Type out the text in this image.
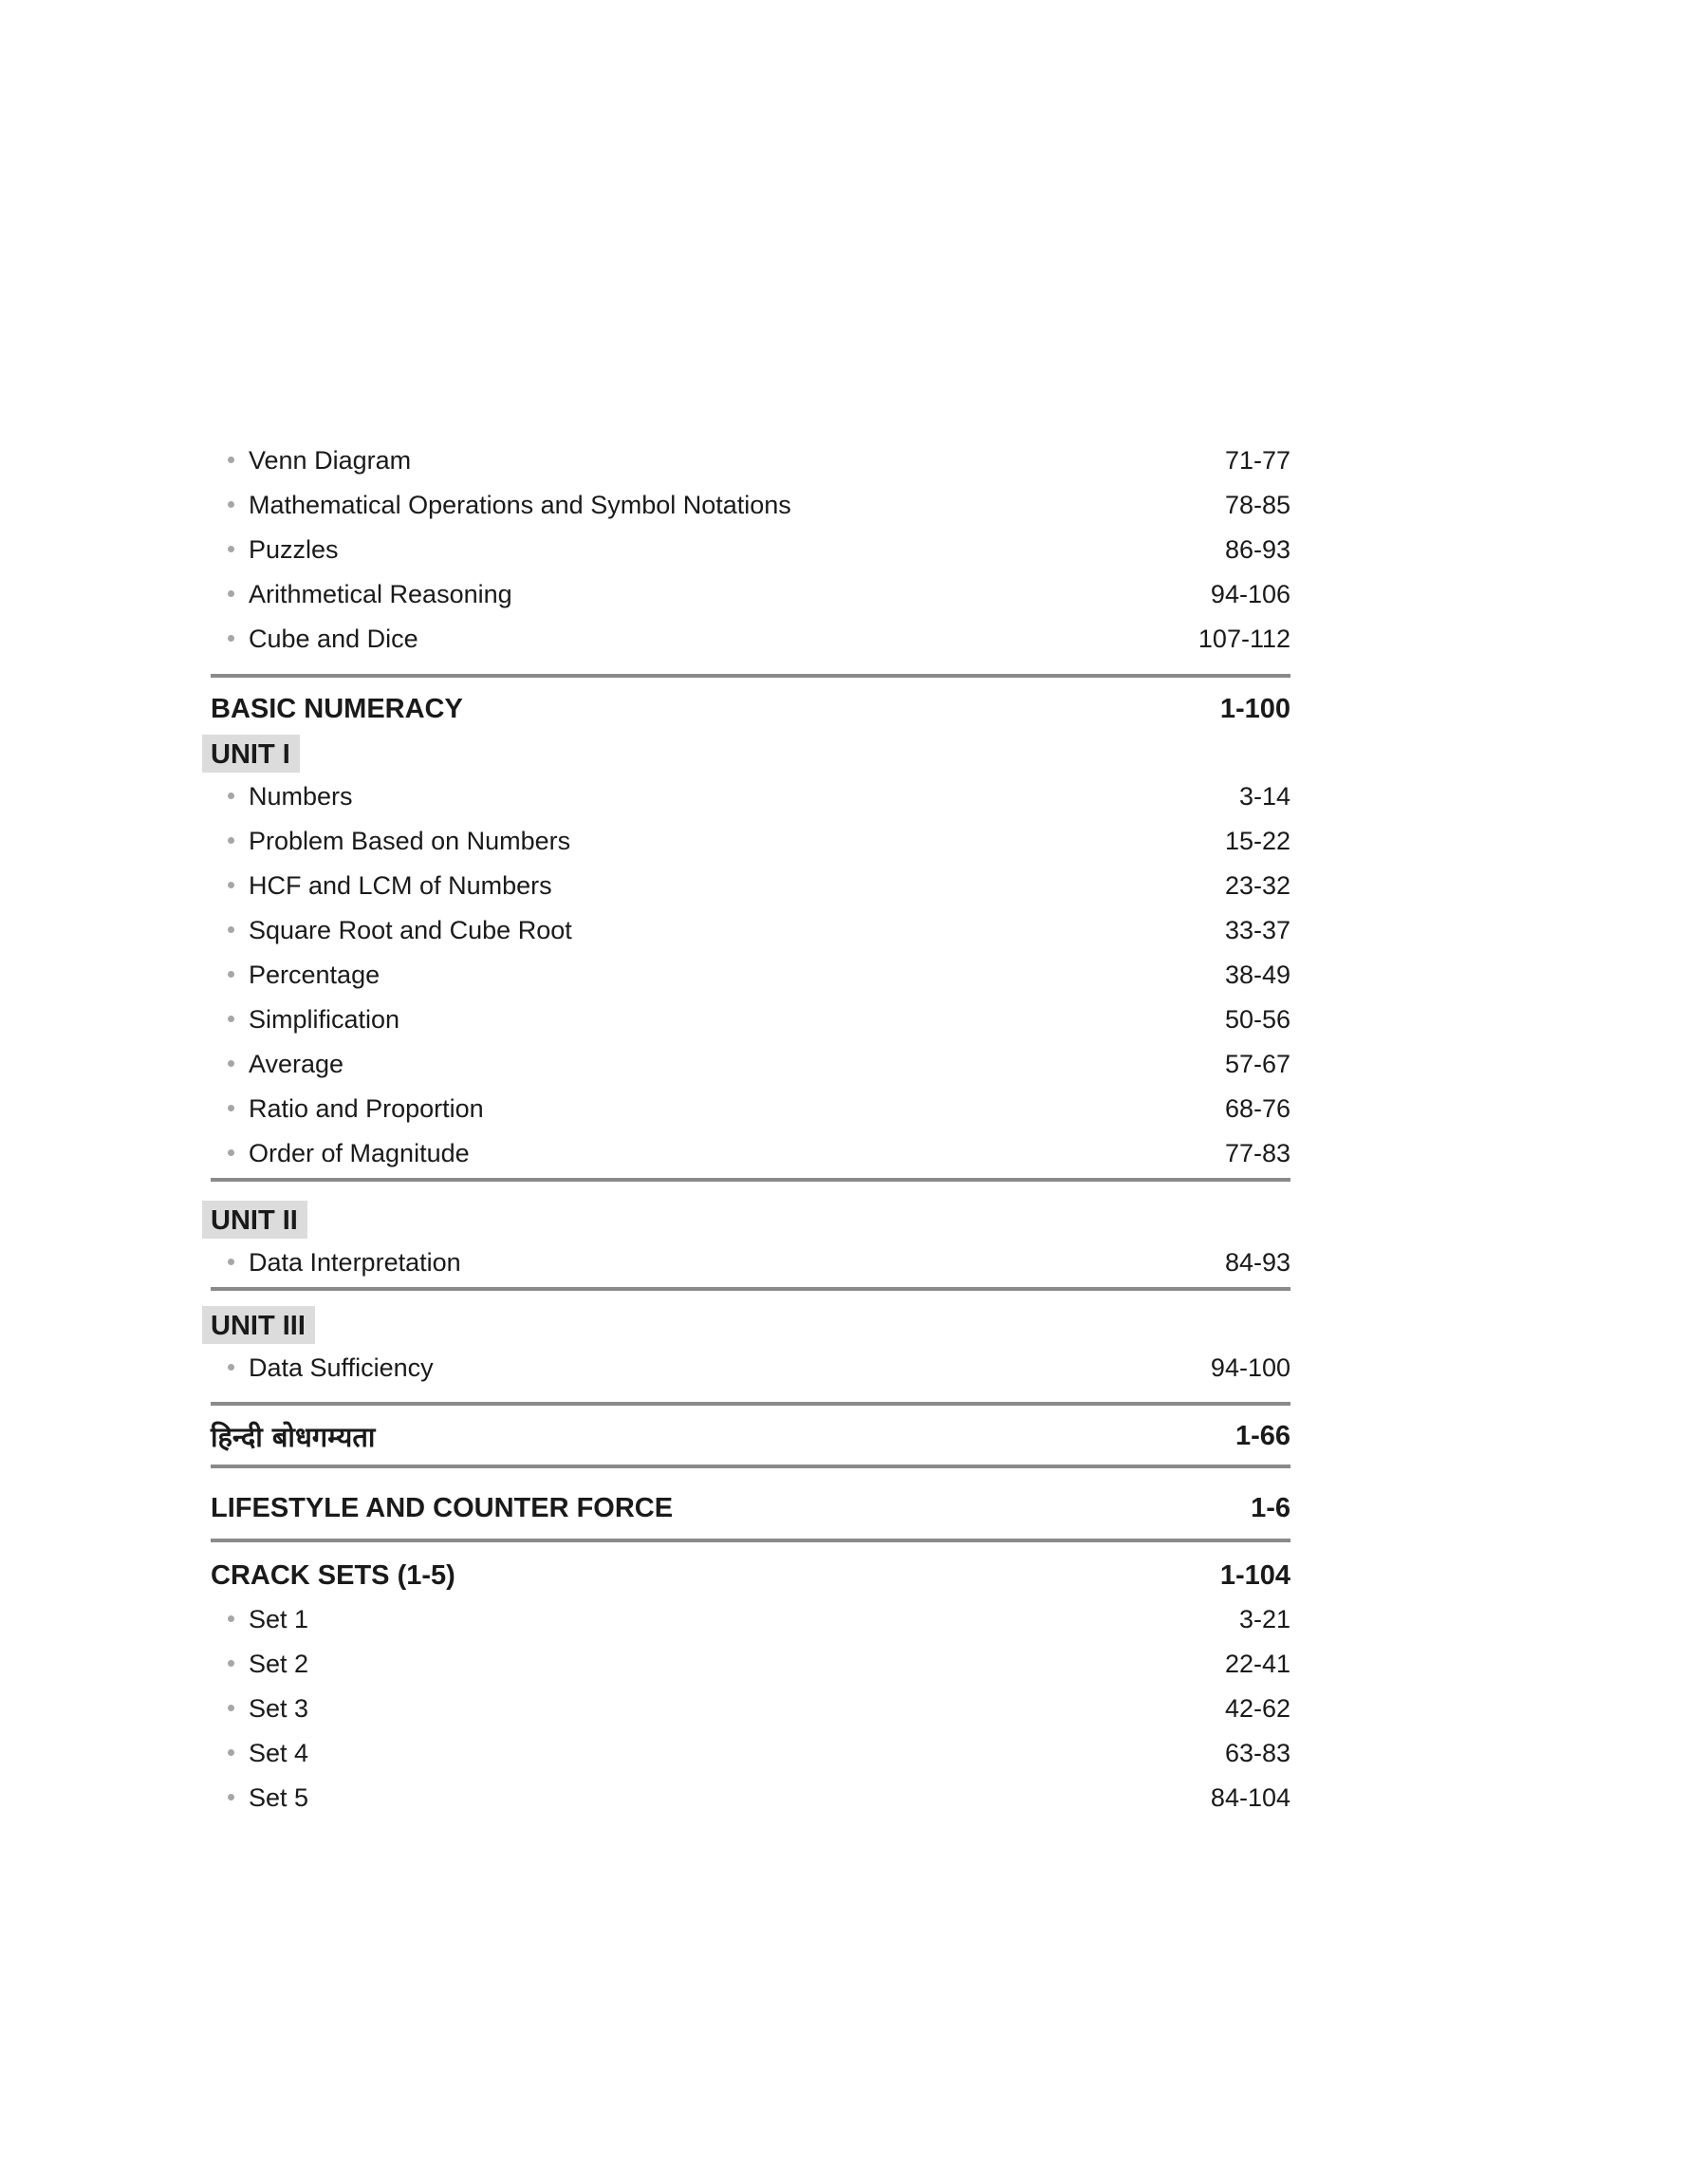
Venn Diagram	71-77
Mathematical Operations and Symbol Notations	78-85
Puzzles	86-93
Arithmetical Reasoning	94-106
Cube and Dice	107-112
BASIC NUMERACY	1-100
UNIT I
Numbers	3-14
Problem Based on Numbers	15-22
HCF and LCM of Numbers	23-32
Square Root and Cube Root	33-37
Percentage	38-49
Simplification	50-56
Average	57-67
Ratio and Proportion	68-76
Order of Magnitude	77-83
UNIT II
Data Interpretation	84-93
UNIT III
Data Sufficiency	94-100
हिन्दी बोधगम्यता	1-66
LIFESTYLE AND COUNTER FORCE	1-6
CRACK SETS (1-5)	1-104
Set 1	3-21
Set 2	22-41
Set 3	42-62
Set 4	63-83
Set 5	84-104
